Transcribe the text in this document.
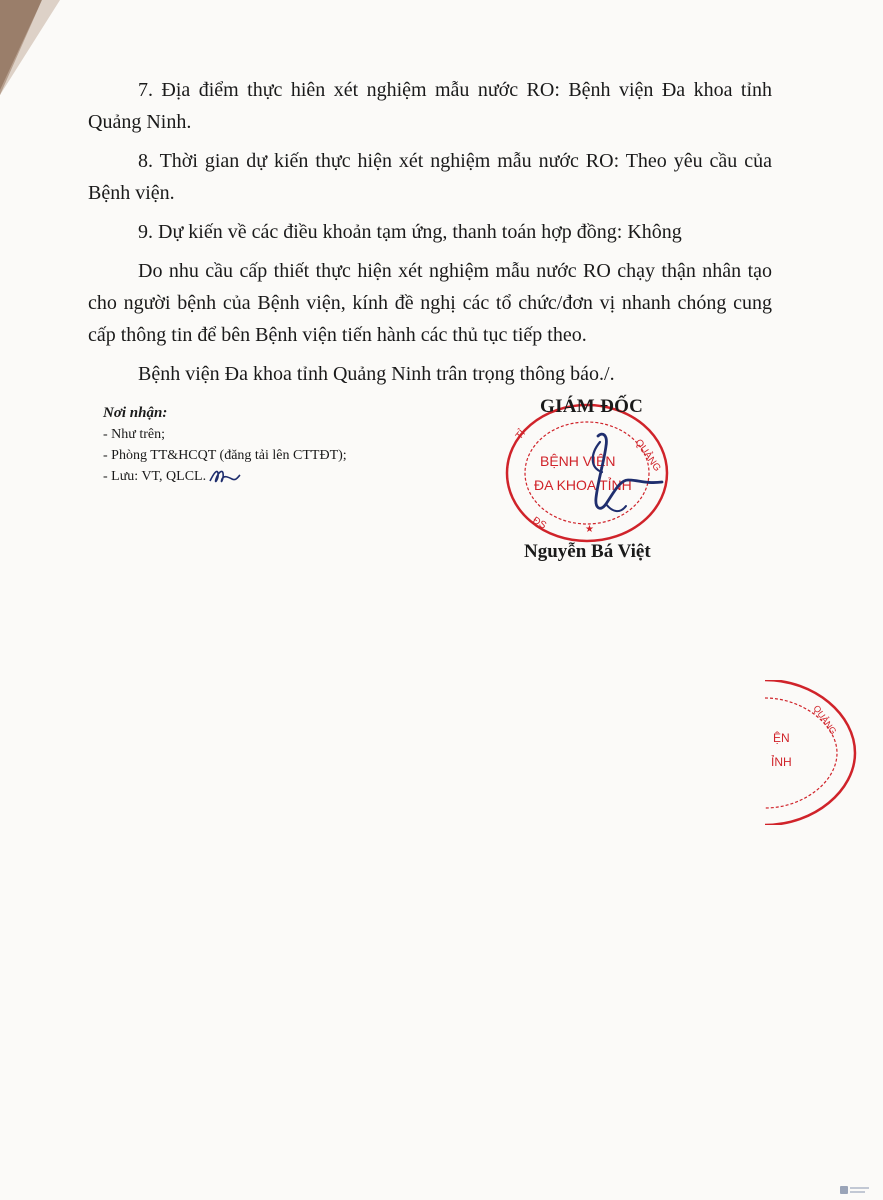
7. Địa điểm thực hiên xét nghiệm mẫu nước RO: Bệnh viện Đa khoa tỉnh Quảng Ninh.

8. Thời gian dự kiến thực hiện xét nghiệm mẫu nước RO: Theo yêu cầu của Bệnh viện.

9. Dự kiến về các điều khoản tạm ứng, thanh toán hợp đồng: Không

Do nhu cầu cấp thiết thực hiện xét nghiệm mẫu nước RO chạy thận nhân tạo cho người bệnh của Bệnh viện, kính đề nghị các tổ chức/đơn vị nhanh chóng cung cấp thông tin để bên Bệnh viện tiến hành các thủ tục tiếp theo.

Bệnh viện Đa khoa tỉnh Quảng Ninh trân trọng thông báo./.

Nơi nhận:
- Như trên;
- Phòng TT&HCQT (đăng tải lên CTTĐT);
- Lưu: VT, QLCL.
QUẢNG
TỈ
ĐS	★
BỆNH VIỆN
ĐA KHOA TỈNH
QUẢNG
ỆN
ỈNH
GIÁM ĐỐC
Nguyễn Bá Việt
